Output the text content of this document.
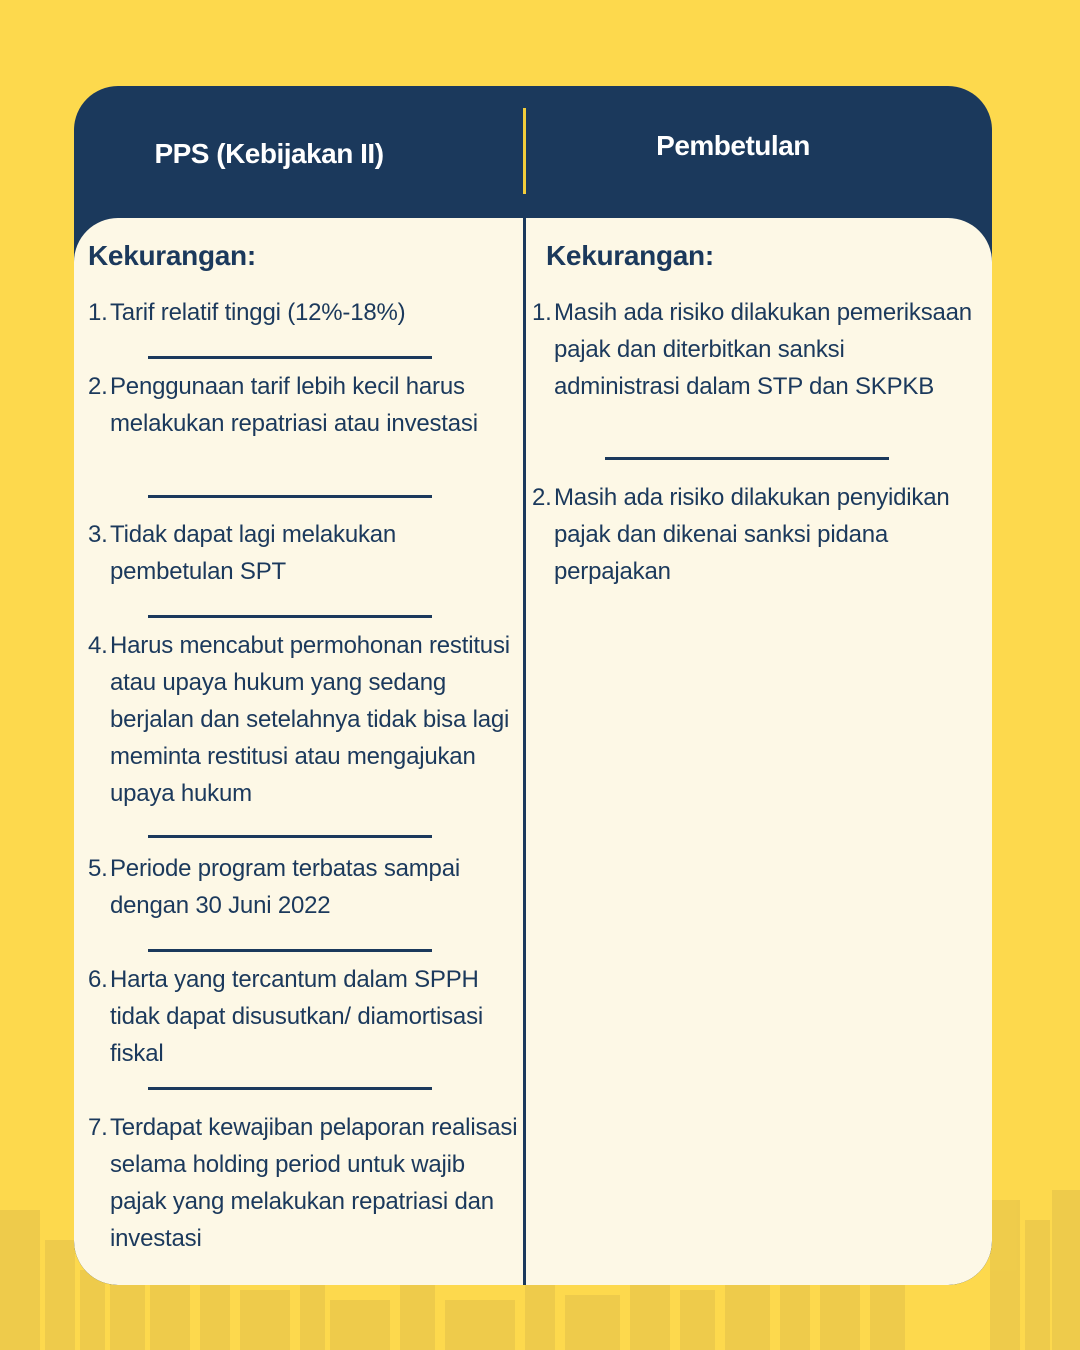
PPS (Kebijakan II)	Pembetulan
Kekurangan:
1. Tarif relatif tinggi (12%-18%)
2. Penggunaan tarif lebih kecil harus melakukan repatriasi atau investasi
3. Tidak dapat lagi melakukan pembetulan SPT
4. Harus mencabut permohonan restitusi atau upaya hukum yang sedang berjalan dan setelahnya tidak bisa lagi meminta restitusi atau mengajukan upaya hukum
5. Periode program terbatas sampai dengan 30 Juni 2022
6. Harta yang tercantum dalam SPPH tidak dapat disusutkan/ diamortisasi fiskal
7. Terdapat kewajiban pelaporan realisasi selama holding period untuk wajib pajak yang melakukan repatriasi dan investasi
Kekurangan:
1. Masih ada risiko dilakukan pemeriksaan pajak dan diterbitkan sanksi administrasi dalam STP dan SKPKB
2. Masih ada risiko dilakukan penyidikan pajak dan dikenai sanksi pidana perpajakan
